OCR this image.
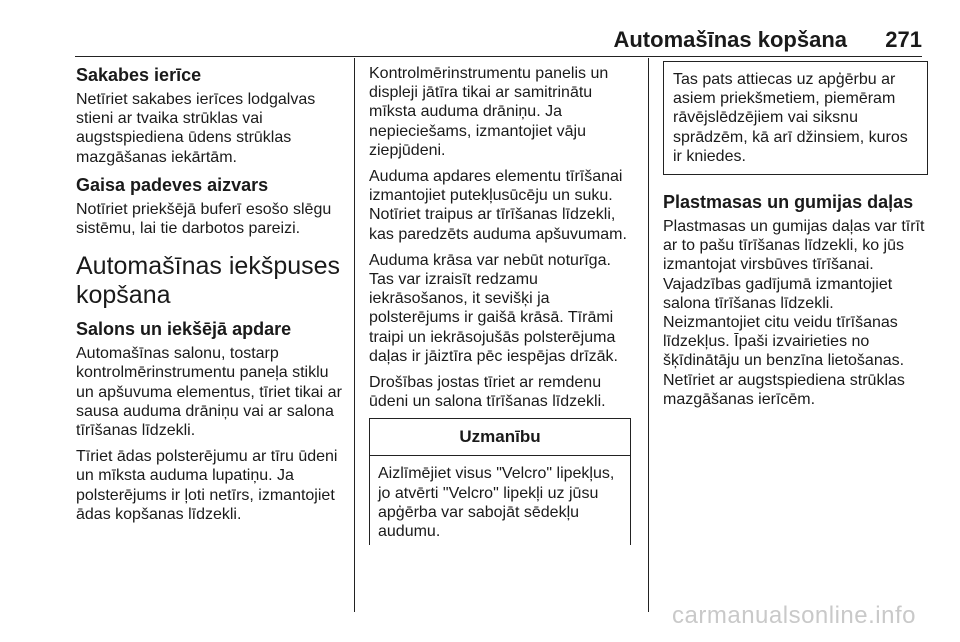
Automašīnas kopšana 271
Sakabes ierīce

Netīriet sakabes ierīces lodgalvas stieni ar tvaika strūklas vai augstspiediena ūdens strūklas mazgāšanas iekārtām.

Gaisa padeves aizvars

Notīriet priekšējā buferī esošo slēgu sistēmu, lai tie darbotos pareizi.

Automašīnas iekšpuses kopšana
Salons un iekšējā apdare

Automašīnas salonu, tostarp kontrolmērinstrumentu paneļa stiklu un apšuvuma elementus, tīriet tikai ar sausa auduma drāniņu vai ar salona tīrīšanas līdzekli.

Tīriet ādas polsterējumu ar tīru ūdeni un mīksta auduma lupatiņu. Ja polsterējums ir ļoti netīrs, izmantojiet ādas kopšanas līdzekli.

Kontrolmērinstrumentu panelis un displeji jātīra tikai ar samitrinātu mīksta auduma drāniņu. Ja nepieciešams, izmantojiet vāju ziepjūdeni.

Auduma apdares elementu tīrīšanai izmantojiet putekļusūcēju un suku. Notīriet traipus ar tīrīšanas līdzekli, kas paredzēts auduma apšuvumam.

Auduma krāsa var nebūt noturīga. Tas var izraisīt redzamu iekrāsošanos, it sevišķi ja polsterējums ir gaišā krāsā. Tīrāmi traipi un iekrāsojušās polsterējuma daļas ir jāiztīra pēc iespējas drīzāk.

Drošības jostas tīriet ar remdenu ūdeni un salona tīrīšanas līdzekli.

Uzmanību

Aizlīmējiet visus "Velcro" lipekļus, jo atvērti "Velcro" lipekļi uz jūsu apģērba var sabojāt sēdekļu audumu.

Tas pats attiecas uz apģērbu ar asiem priekšmetiem, piemēram rāvējslēdzējiem vai siksnu sprādzēm, kā arī džinsiem, kuros ir kniedes.

Plastmasas un gumijas daļas

Plastmasas un gumijas daļas var tīrīt ar to pašu tīrīšanas līdzekli, ko jūs izmantojat virsbūves tīrīšanai. Vajadzības gadījumā izmantojiet salona tīrīšanas līdzekli. Neizmantojiet citu veidu tīrīšanas līdzekļus. Īpaši izvairieties no šķīdinātāju un benzīna lietošanas. Netīriet ar augstspiediena strūklas mazgāšanas ierīcēm.

carmanualsonline.info
